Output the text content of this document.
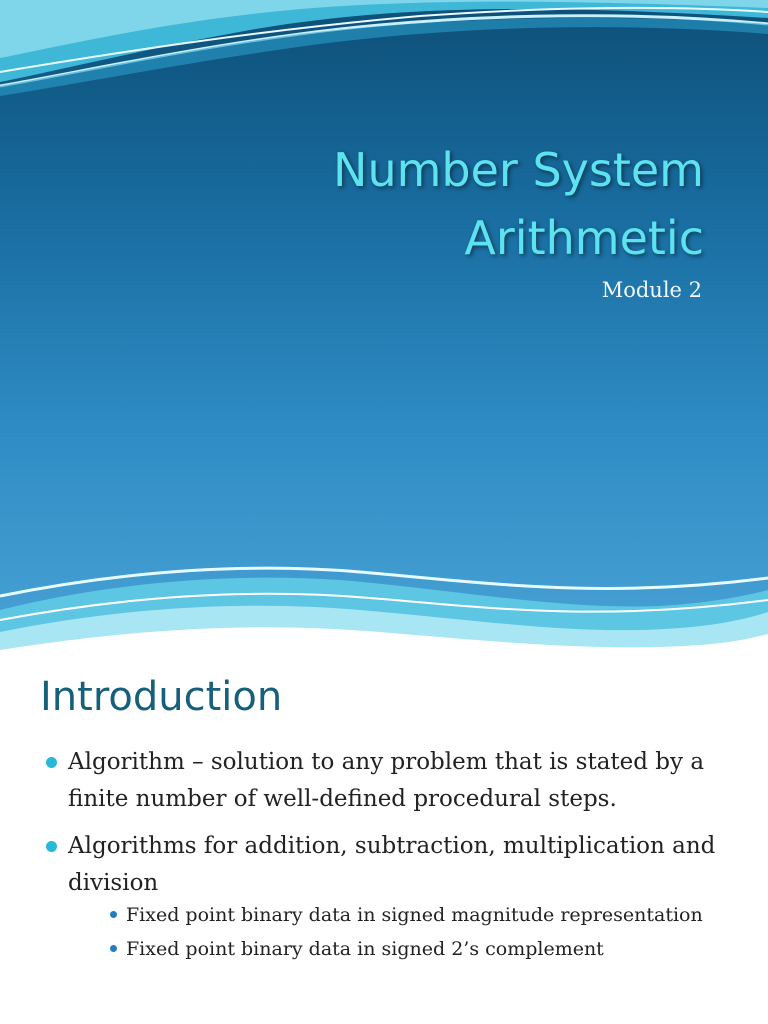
Number System
Arithmetic
Module 2
Introduction
Algorithm – solution to any problem that is stated by a finite number of well-defined procedural steps.
Algorithms for addition, subtraction, multiplication and division
Fixed point binary data in signed magnitude representation
Fixed point binary data in signed 2’s complement
